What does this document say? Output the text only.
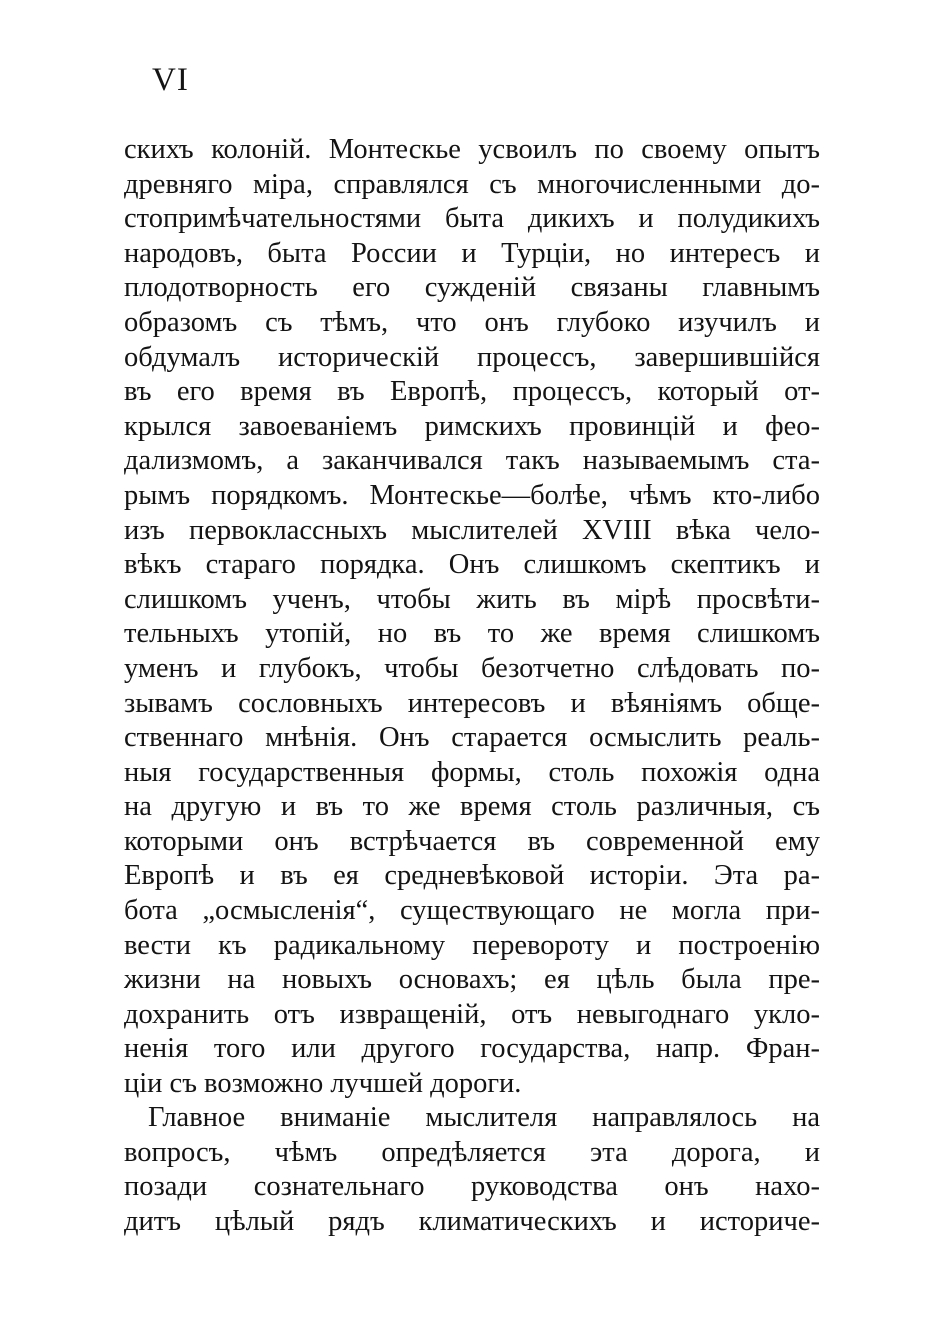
VI
скихъ колоній. Монтескье усвоилъ по своему опытъ
древняго міра, справлялся съ многочисленными до-
стопримѣчательностями быта дикихъ и полудикихъ
народовъ, быта России и Турціи, но интересъ и
плодотворность его сужденій связаны главнымъ
образомъ съ тѣмъ, что онъ глубоко изучилъ и
обдумалъ историческій процессъ, завершившійся
въ его время въ Европѣ, процессъ, который от-
крылся завоеваніемъ римскихъ провинцій и фео-
дализмомъ, а заканчивался такъ называемымъ ста-
рымъ порядкомъ. Монтескье—болѣе, чѣмъ кто-либо
изъ первоклассныхъ мыслителей XVIII вѣка чело-
вѣкъ стараго порядка. Онъ слишкомъ скептикъ и
слишкомъ ученъ, чтобы жить въ мірѣ просвѣти-
тельныхъ утопій, но въ то же время слишкомъ
уменъ и глубокъ, чтобы безотчетно слѣдовать по-
зывамъ сословныхъ интересовъ и вѣяніямъ обще-
ственнаго мнѣнія. Онъ старается осмыслить реаль-
ныя государственныя формы, столь похожія одна
на другую и въ то же время столь различныя, съ
которыми онъ встрѣчается въ современной ему
Европѣ и въ ея средневѣковой исторіи. Эта ра-
бота „осмысленія“, существующаго не могла при-
вести къ радикальному перевороту и построенію
жизни на новыхъ основахъ; ея цѣль была пре-
дохранить отъ извращеній, отъ невыгоднаго укло-
ненія того или другого государства, напр. Фран-
ціи съ возможно лучшей дороги.
Главное вниманіе мыслителя направлялось на
вопросъ, чѣмъ опредѣляется эта дорога, и
позади сознательнаго руководства онъ нахо-
дитъ цѣлый рядъ климатическихъ и историче-
